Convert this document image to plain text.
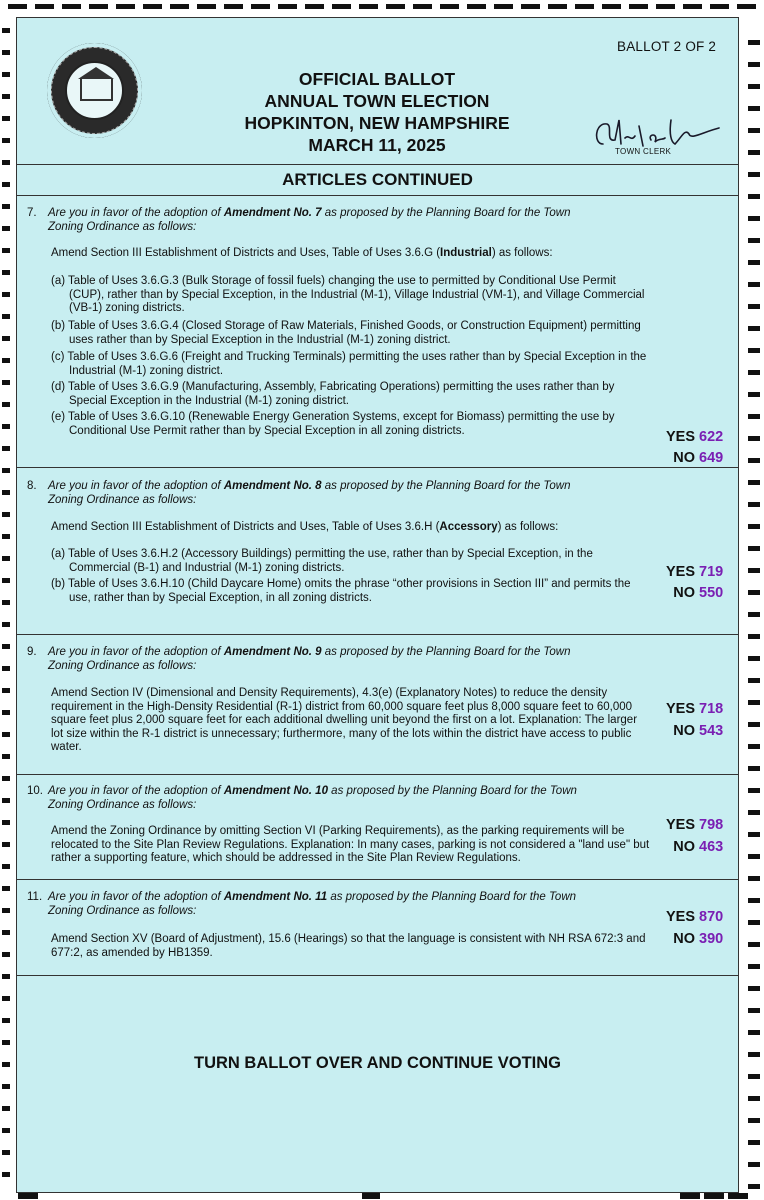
BALLOT 2 OF 2
OFFICIAL BALLOT
ANNUAL TOWN ELECTION
HOPKINTON, NEW HAMPSHIRE
MARCH 11, 2025	TOWN CLERK
ARTICLES CONTINUED
7. Are you in favor of the adoption of Amendment No. 7 as proposed by the Planning Board for the Town
Zoning Ordinance as follows:
Amend Section III Establishment of Districts and Uses, Table of Uses 3.6.G (Industrial) as follows:
(a) Table of Uses 3.6.G.3 (Bulk Storage of fossil fuels) changing the use to permitted by Conditional Use Permit (CUP), rather than by Special Exception, in the Industrial (M-1), Village Industrial (VM-1), and Village Commercial (VB-1) zoning districts.
(b) Table of Uses 3.6.G.4 (Closed Storage of Raw Materials, Finished Goods, or Construction Equipment) permitting uses rather than by Special Exception in the Industrial (M-1) zoning district.
(c) Table of Uses 3.6.G.6 (Freight and Trucking Terminals) permitting the uses rather than by Special Exception in the Industrial (M-1) zoning district.
(d) Table of Uses 3.6.G.9 (Manufacturing, Assembly, Fabricating Operations) permitting the uses rather than by Special Exception in the Industrial (M-1) zoning district.
(e) Table of Uses 3.6.G.10 (Renewable Energy Generation Systems, except for Biomass) permitting the use by Conditional Use Permit rather than by Special Exception in all zoning districts.	YES 622
NO 649
8. Are you in favor of the adoption of Amendment No. 8 as proposed by the Planning Board for the Town
Zoning Ordinance as follows:
Amend Section III Establishment of Districts and Uses, Table of Uses 3.6.H (Accessory) as follows:
(a) Table of Uses 3.6.H.2 (Accessory Buildings) permitting the use, rather than by Special Exception, in the Commercial (B-1) and Industrial (M-1) zoning districts.
(b) Table of Uses 3.6.H.10 (Child Daycare Home) omits the phrase “other provisions in Section III” and permits the use, rather than by Special Exception, in all zoning districts.
YES 719
NO 550
9. Are you in favor of the adoption of Amendment No. 9 as proposed by the Planning Board for the Town
Zoning Ordinance as follows:
Amend Section IV (Dimensional and Density Requirements), 4.3(e) (Explanatory Notes) to reduce the density requirement in the High-Density Residential (R-1) district from 60,000 square feet plus 8,000 square feet to 60,000 square feet plus 2,000 square feet for each additional dwelling unit beyond the first on a lot. Explanation: The larger lot size within the R-1 district is unnecessary; furthermore, many of the lots within the district have access to public water.
YES 718
NO 543
10. Are you in favor of the adoption of Amendment No. 10 as proposed by the Planning Board for the Town
Zoning Ordinance as follows:
Amend the Zoning Ordinance by omitting Section VI (Parking Requirements), as the parking requirements will be relocated to the Site Plan Review Regulations. Explanation: In many cases, parking is not considered a "land use" but rather a supporting feature, which should be addressed in the Site Plan Review Regulations.
YES 798
NO 463
11. Are you in favor of the adoption of Amendment No. 11 as proposed by the Planning Board for the Town
Zoning Ordinance as follows:
Amend Section XV (Board of Adjustment), 15.6 (Hearings) so that the language is consistent with NH RSA 672:3 and 677:2, as amended by HB1359.
YES 870
NO 390
TURN BALLOT OVER AND CONTINUE VOTING
